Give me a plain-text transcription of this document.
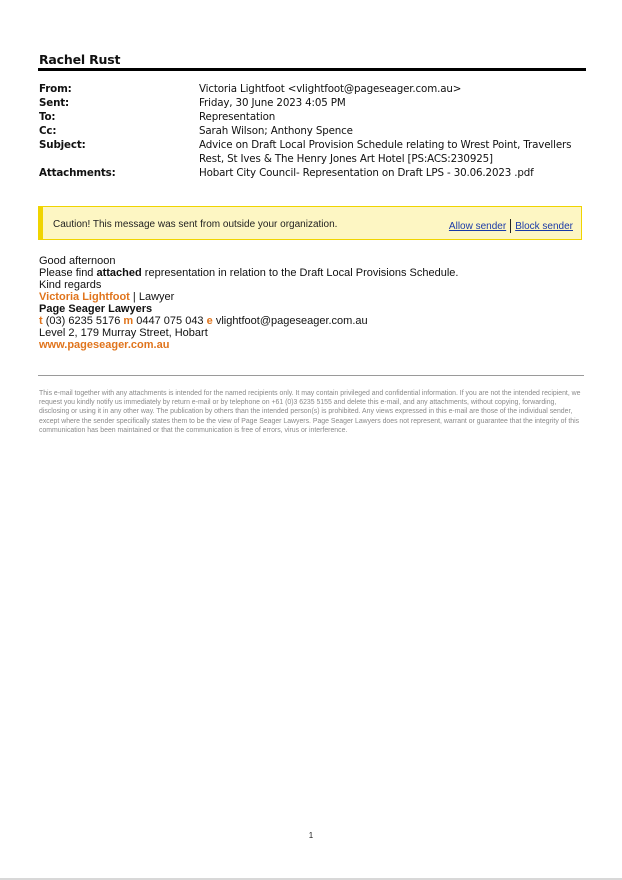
Rachel Rust
From:	Victoria Lightfoot <vlightfoot@pageseager.com.au>
Sent:	Friday, 30 June 2023 4:05 PM
To:	Representation
Cc:	Sarah Wilson; Anthony Spence
Subject:	Advice on Draft Local Provision Schedule relating to Wrest Point, Travellers Rest, St Ives & The Henry Jones Art Hotel [PS:ACS:230925]
Attachments:	Hobart City Council- Representation on Draft LPS - 30.06.2023 .pdf
Caution! This message was sent from outside your organization.	Allow sender Block sender

Good afternoon

Please find attached representation in relation to the Draft Local Provisions Schedule.

Kind regards

Victoria Lightfoot | Lawyer

Page Seager Lawyers

t (03) 6235 5176 m 0447 075 043 e vlightfoot@pageseager.com.au

Level 2, 179 Murray Street, Hobart

www.pageseager.com.au

This e-mail together with any attachments is intended for the named recipients only. It may contain privileged and confidential information. If you are not the intended recipient, we request you kindly notify us immediately by return e-mail or by telephone on +61 (0)3 6235 5155 and delete this e-mail, and any attachments, without copying, forwarding, disclosing or using it in any other way. The publication by others than the intended person(s) is prohibited. Any views expressed in this e-mail are those of the individual sender, except where the sender specifically states them to be the view of Page Seager Lawyers. Page Seager Lawyers does not represent, warrant or guarantee that the integrity of this communication has been maintained or that the communication is free of errors, virus or interference.
1
